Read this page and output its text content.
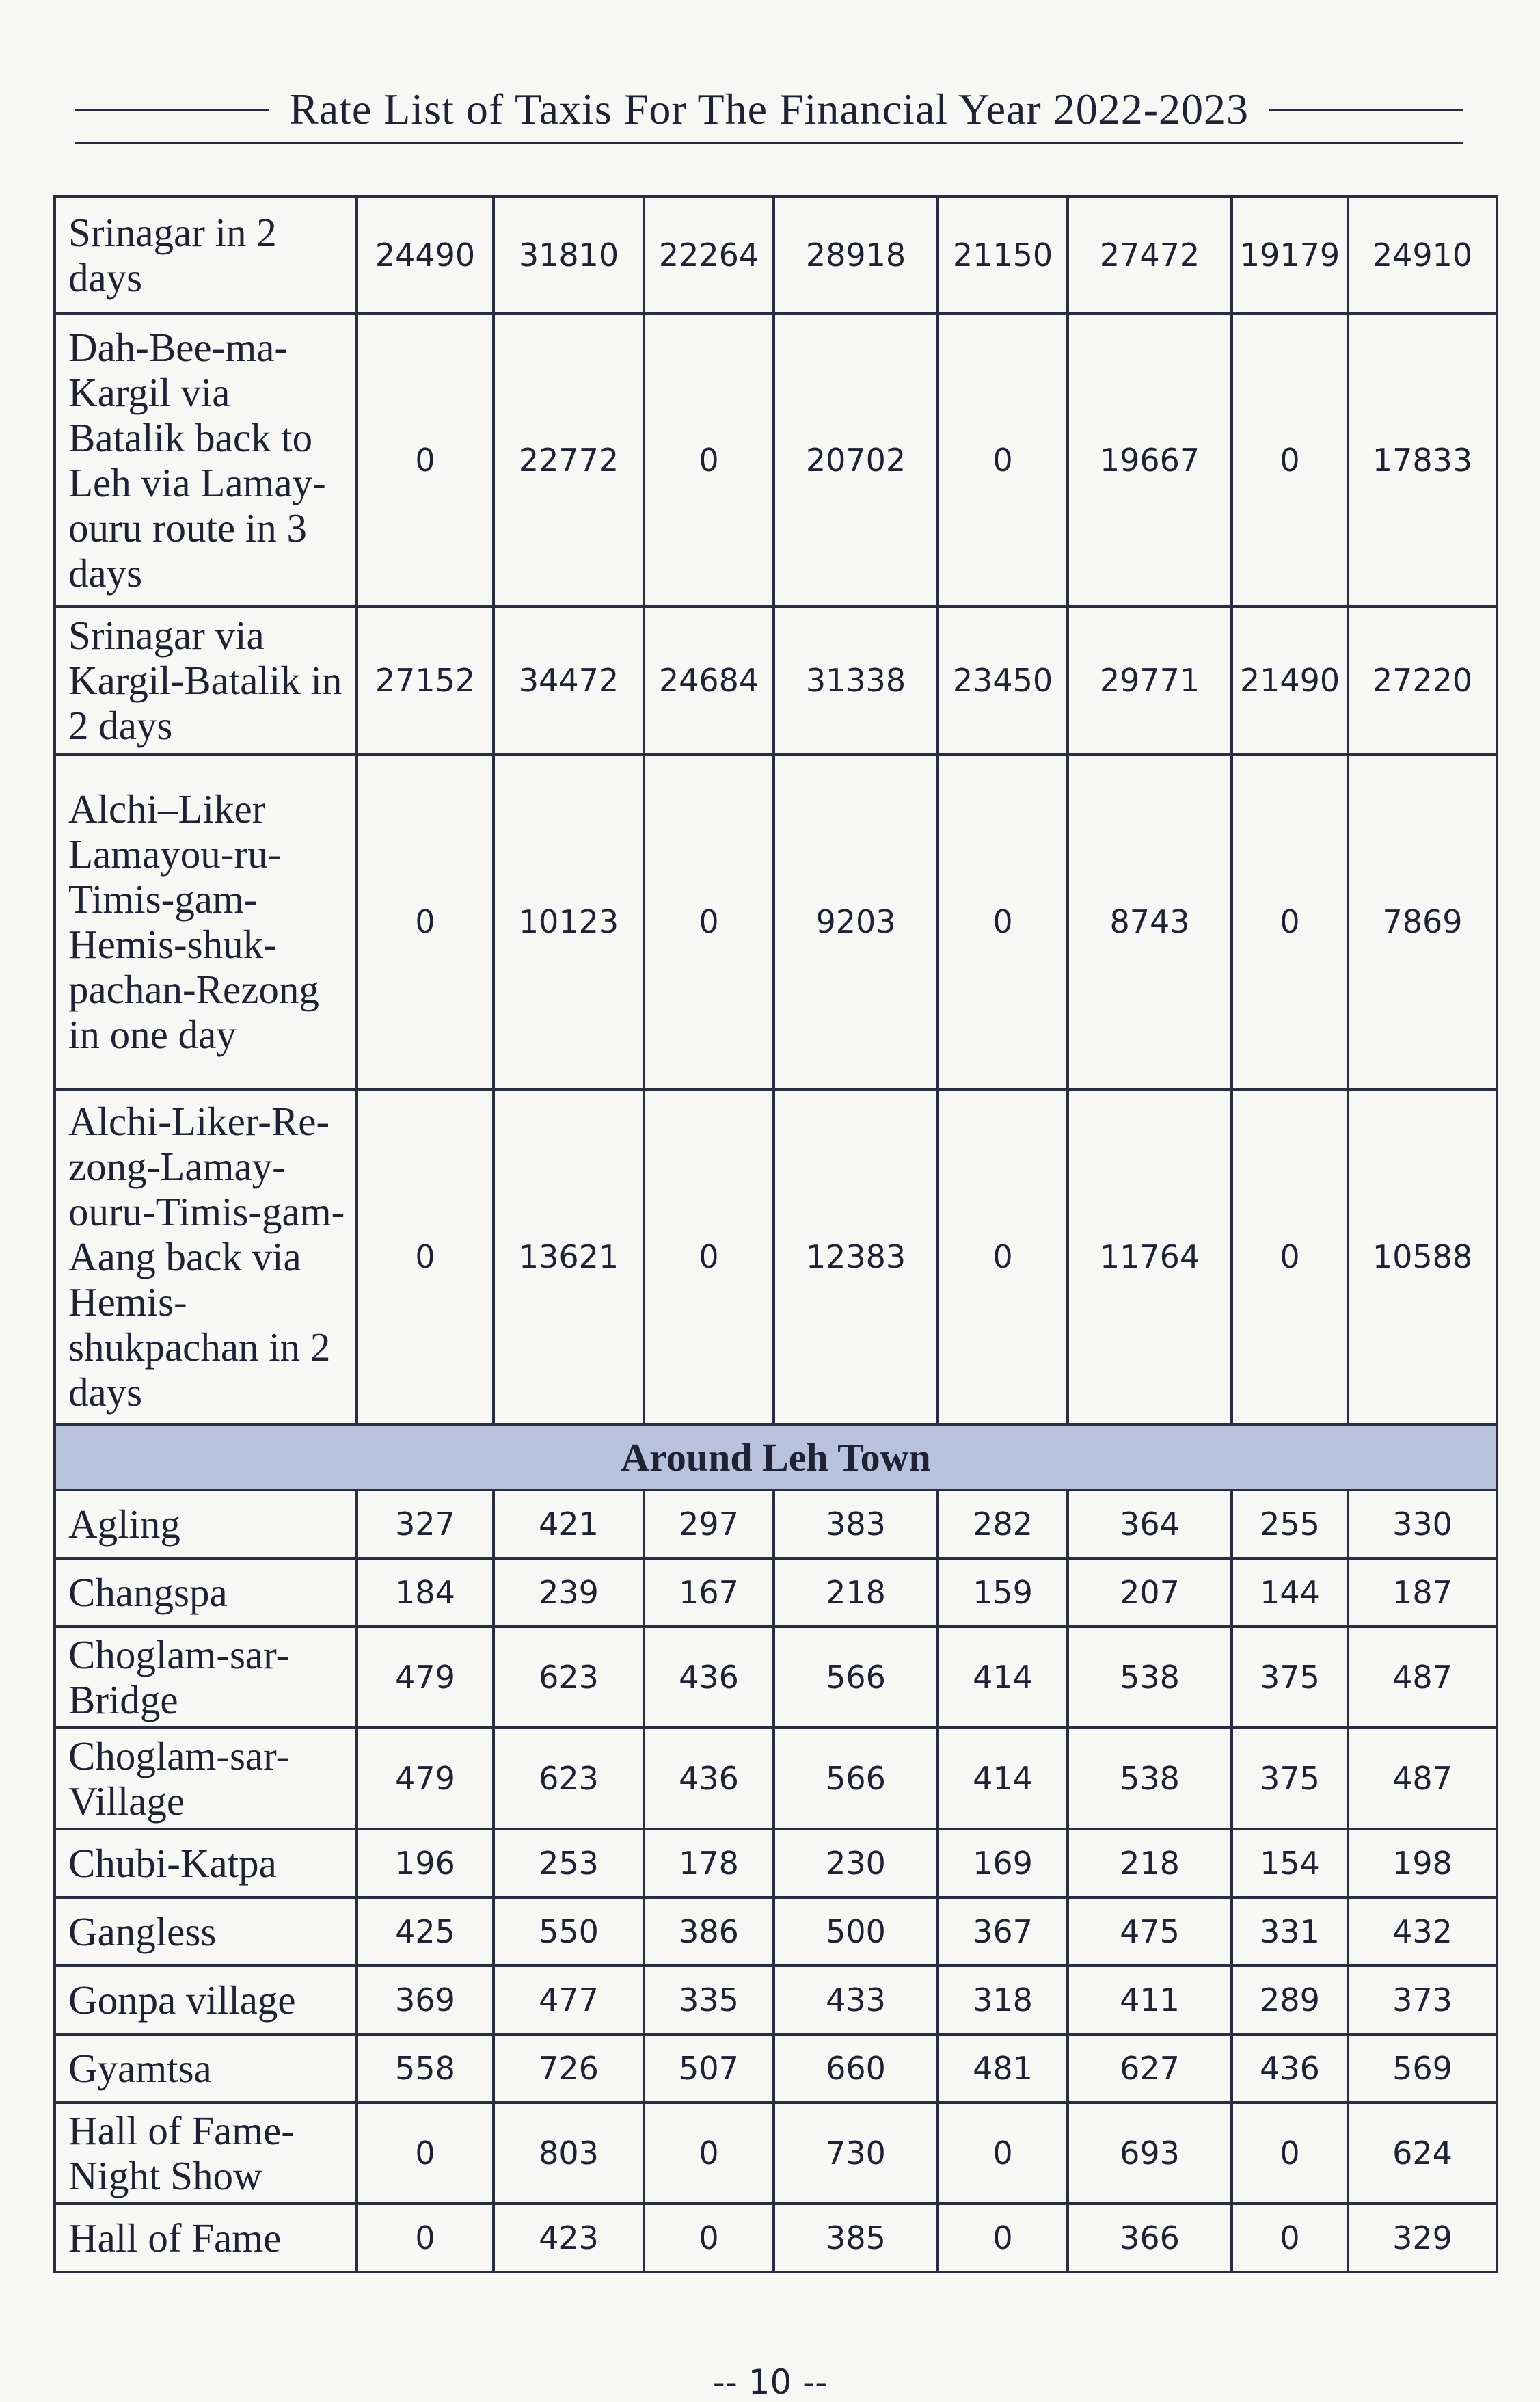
Rate List of Taxis For The Financial Year 2022-2023
Srinagar in 2 days	24490	31810	22264	28918	21150	27472	19179	24910
Dah-Bee-ma-Kargil via Batalik back to Leh via Lamay-ouru route in 3 days	0	22772	0	20702	0	19667	0	17833
Srinagar via Kargil-Batalik in 2 days	27152	34472	24684	31338	23450	29771	21490	27220
Alchi–Liker Lamayou-ru-Timis-gam-Hemis-shuk-pachan-Rezong in one day	0	10123	0	9203	0	8743	0	7869
Alchi-Liker-Re-zong-Lamay-ouru-Timis-gam-Aang back via Hemis-shukpachan in 2 days	0	13621	0	12383	0	11764	0	10588
Around Leh Town								
Agling	327	421	297	383	282	364	255	330
Changspa	184	239	167	218	159	207	144	187
Choglam-sar-Bridge	479	623	436	566	414	538	375	487
Choglam-sar-Village	479	623	436	566	414	538	375	487
Chubi-Katpa	196	253	178	230	169	218	154	198
Gangless	425	550	386	500	367	475	331	432
Gonpa village	369	477	335	433	318	411	289	373
Gyamtsa	558	726	507	660	481	627	436	569
Hall of Fame-Night Show	0	803	0	730	0	693	0	624
Hall of Fame	0	423	0	385	0	366	0	329
-- 10 --
